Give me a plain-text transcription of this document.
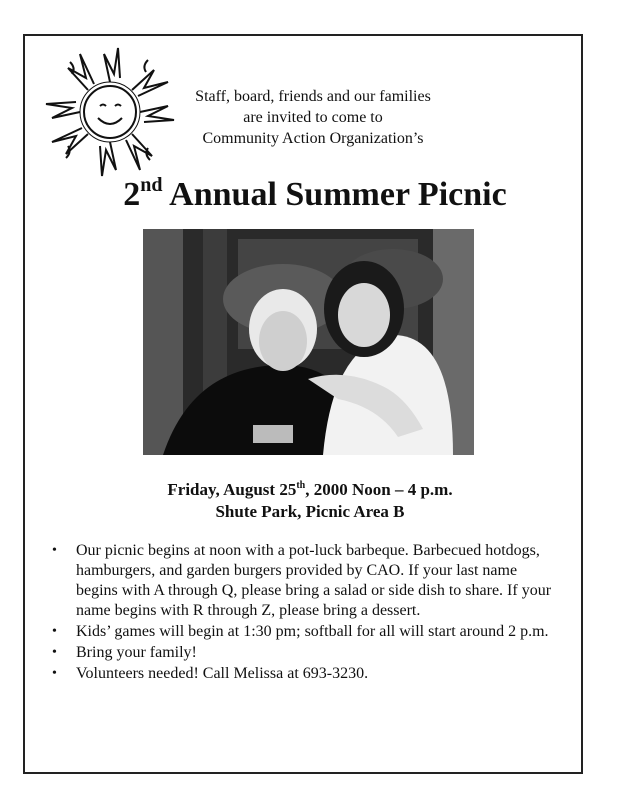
Staff, board, friends and our families
are invited to come to
Community Action Organization’s
2nd Annual Summer Picnic
Friday, August 25th, 2000 Noon – 4 p.m.
Shute Park, Picnic Area B
• Our picnic begins at noon with a pot-luck barbeque. Barbecued hotdogs, hamburgers, and garden burgers provided by CAO. If your last name begins with A through Q, please bring a salad or side dish to share. If your name begins with R through Z, please bring a dessert.
• Kids’ games will begin at 1:30 pm; softball for all will start around 2 p.m.
• Bring your family!
• Volunteers needed! Call Melissa at 693-3230.
